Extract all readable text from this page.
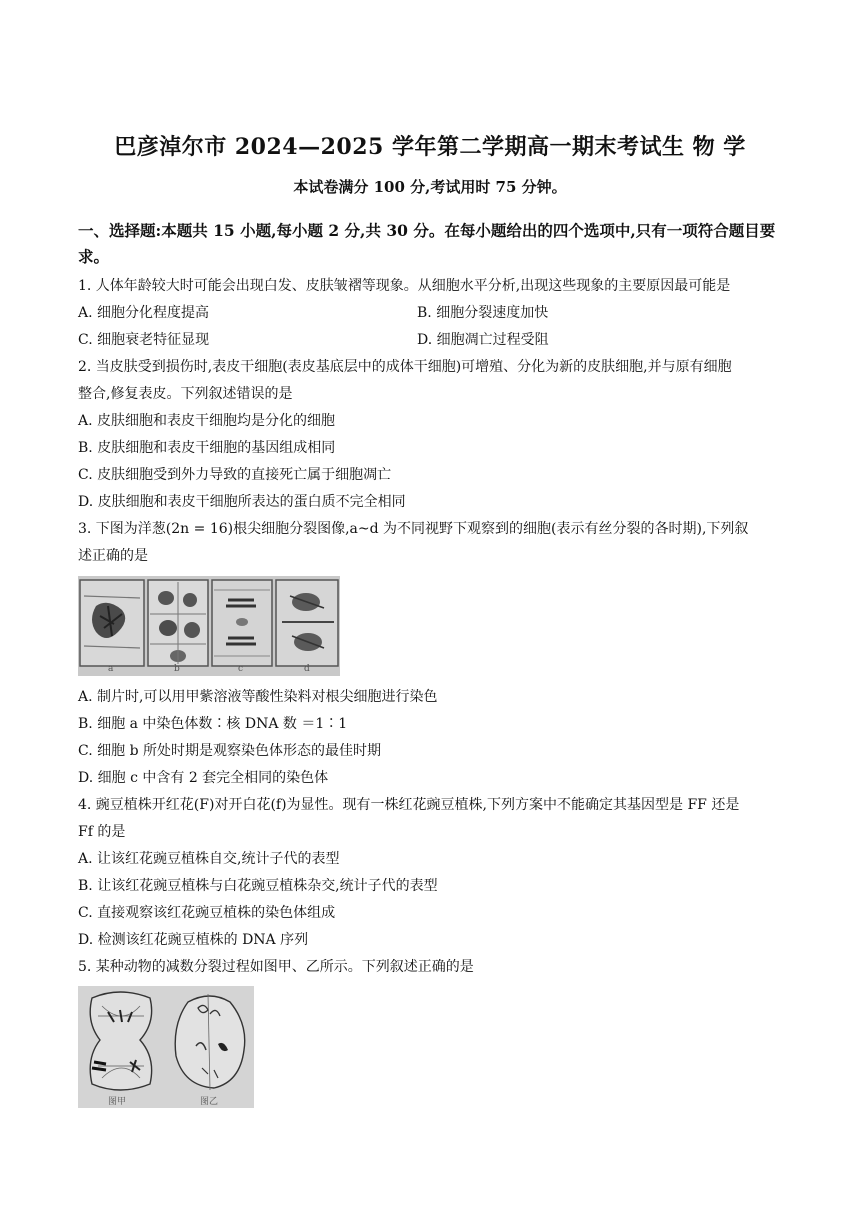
巴彦淖尔市 2024—2025 学年第二学期高一期末考试生 物 学
本试卷满分 100 分,考试用时 75 分钟。
一、选择题:本题共 15 小题,每小题 2 分,共 30 分。在每小题给出的四个选项中,只有一项符合题目要求。
1. 人体年龄较大时可能会出现白发、皮肤皱褶等现象。从细胞水平分析,出现这些现象的主要原因最可能是
A. 细胞分化程度提高	B. 细胞分裂速度加快
C. 细胞衰老特征显现	D. 细胞凋亡过程受阻
2. 当皮肤受到损伤时,表皮干细胞(表皮基底层中的成体干细胞)可增殖、分化为新的皮肤细胞,并与原有细胞
整合,修复表皮。下列叙述错误的是
A. 皮肤细胞和表皮干细胞均是分化的细胞
B. 皮肤细胞和表皮干细胞的基因组成相同
C. 皮肤细胞受到外力导致的直接死亡属于细胞凋亡
D. 皮肤细胞和表皮干细胞所表达的蛋白质不完全相同
3. 下图为洋葱(2n = 16)根尖细胞分裂图像,a~d 为不同视野下观察到的细胞(表示有丝分裂的各时期),下列叙
述正确的是
a	b	c	d
A. 制片时,可以用甲紫溶液等酸性染料对根尖细胞进行染色
B. 细胞 a 中染色体数∶核 DNA 数 ＝1∶1
C. 细胞 b 所处时期是观察染色体形态的最佳时期
D. 细胞 c 中含有 2 套完全相同的染色体
4. 豌豆植株开红花(F)对开白花(f)为显性。现有一株红花豌豆植株,下列方案中不能确定其基因型是 FF 还是
Ff 的是
A. 让该红花豌豆植株自交,统计子代的表型
B. 让该红花豌豆植株与白花豌豆植株杂交,统计子代的表型
C. 直接观察该红花豌豆植株的染色体组成
D. 检测该红花豌豆植株的 DNA 序列
5. 某种动物的减数分裂过程如图甲、乙所示。下列叙述正确的是
图甲	图乙
